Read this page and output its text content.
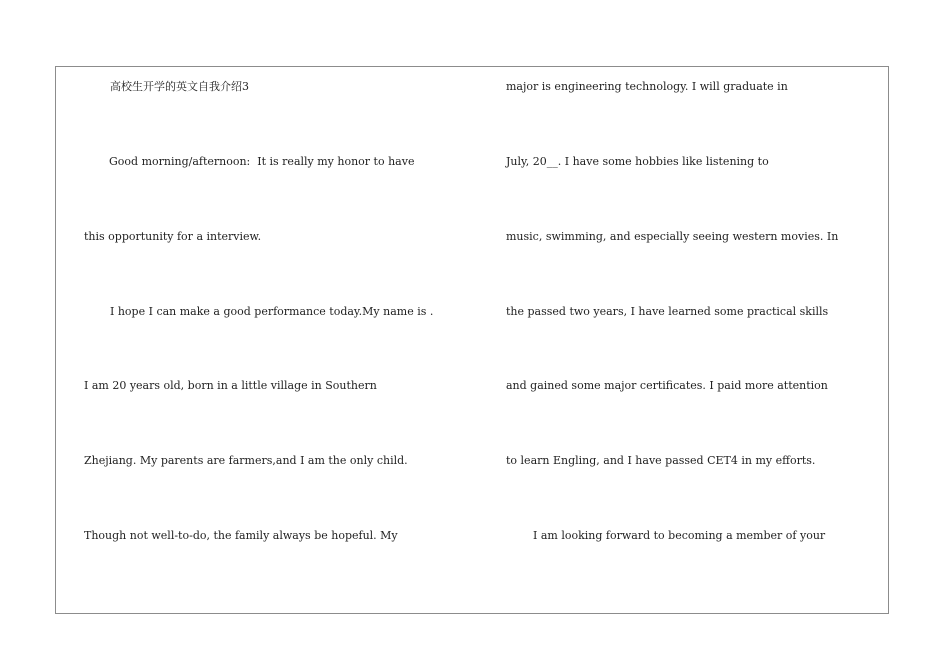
高校生开学的英文自我介绍3
Good morning/afternoon:  It is really my honor to have
this opportunity for a interview.
I hope I can make a good performance today.My name is .
I am 20 years old, born in a little village in Southern
Zhejiang. My parents are farmers,and I am the only child.
Though not well-to-do, the family always be hopeful. My
major is engineering technology. I will graduate in
July, 20__. I have some hobbies like listening to
music, swimming, and especially seeing western movies. In
the passed two years, I have learned some practical skills
and gained some major certificates. I paid more attention
to learn Engling, and I have passed CET4 in my efforts.
I am looking forward to becoming a member of your
